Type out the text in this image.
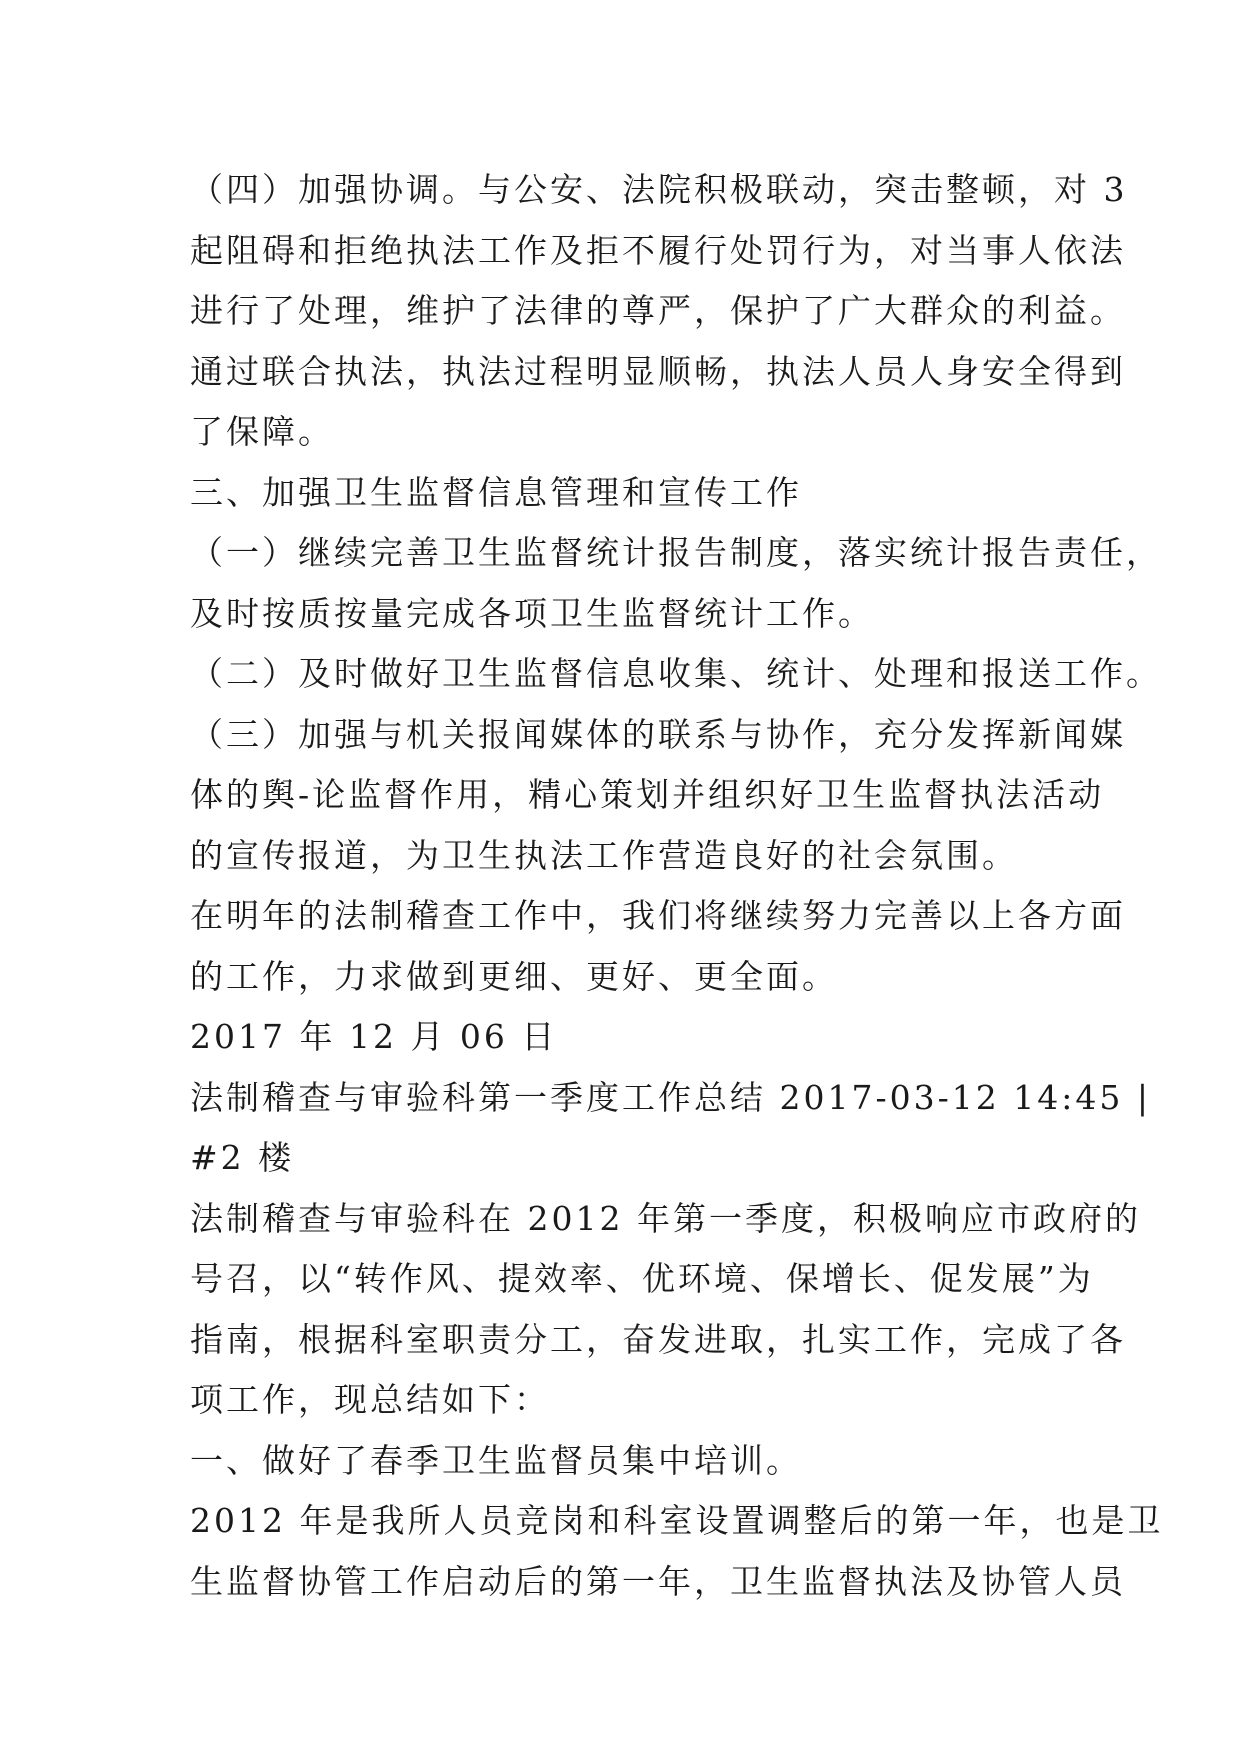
（四）加强协调。与公安、法院积极联动，突击整顿，对 3
起阻碍和拒绝执法工作及拒不履行处罚行为，对当事人依法
进行了处理，维护了法律的尊严，保护了广大群众的利益。
通过联合执法，执法过程明显顺畅，执法人员人身安全得到
了保障。
三、加强卫生监督信息管理和宣传工作
（一）继续完善卫生监督统计报告制度，落实统计报告责任，
及时按质按量完成各项卫生监督统计工作。
（二）及时做好卫生监督信息收集、统计、处理和报送工作。
（三）加强与机关报闻媒体的联系与协作，充分发挥新闻媒
体的舆-论监督作用，精心策划并组织好卫生监督执法活动
的宣传报道，为卫生执法工作营造良好的社会氛围。
在明年的法制稽查工作中，我们将继续努力完善以上各方面
的工作，力求做到更细、更好、更全面。
2017 年 12 月 06 日
法制稽查与审验科第一季度工作总结 2017-03-12 14:45 |
#2 楼
法制稽查与审验科在 2012 年第一季度，积极响应市政府的
号召，以“转作风、提效率、优环境、保增长、促发展”为
指南，根据科室职责分工，奋发进取，扎实工作，完成了各
项工作，现总结如下：
一、做好了春季卫生监督员集中培训。
2012 年是我所人员竞岗和科室设置调整后的第一年，也是卫
生监督协管工作启动后的第一年，卫生监督执法及协管人员
